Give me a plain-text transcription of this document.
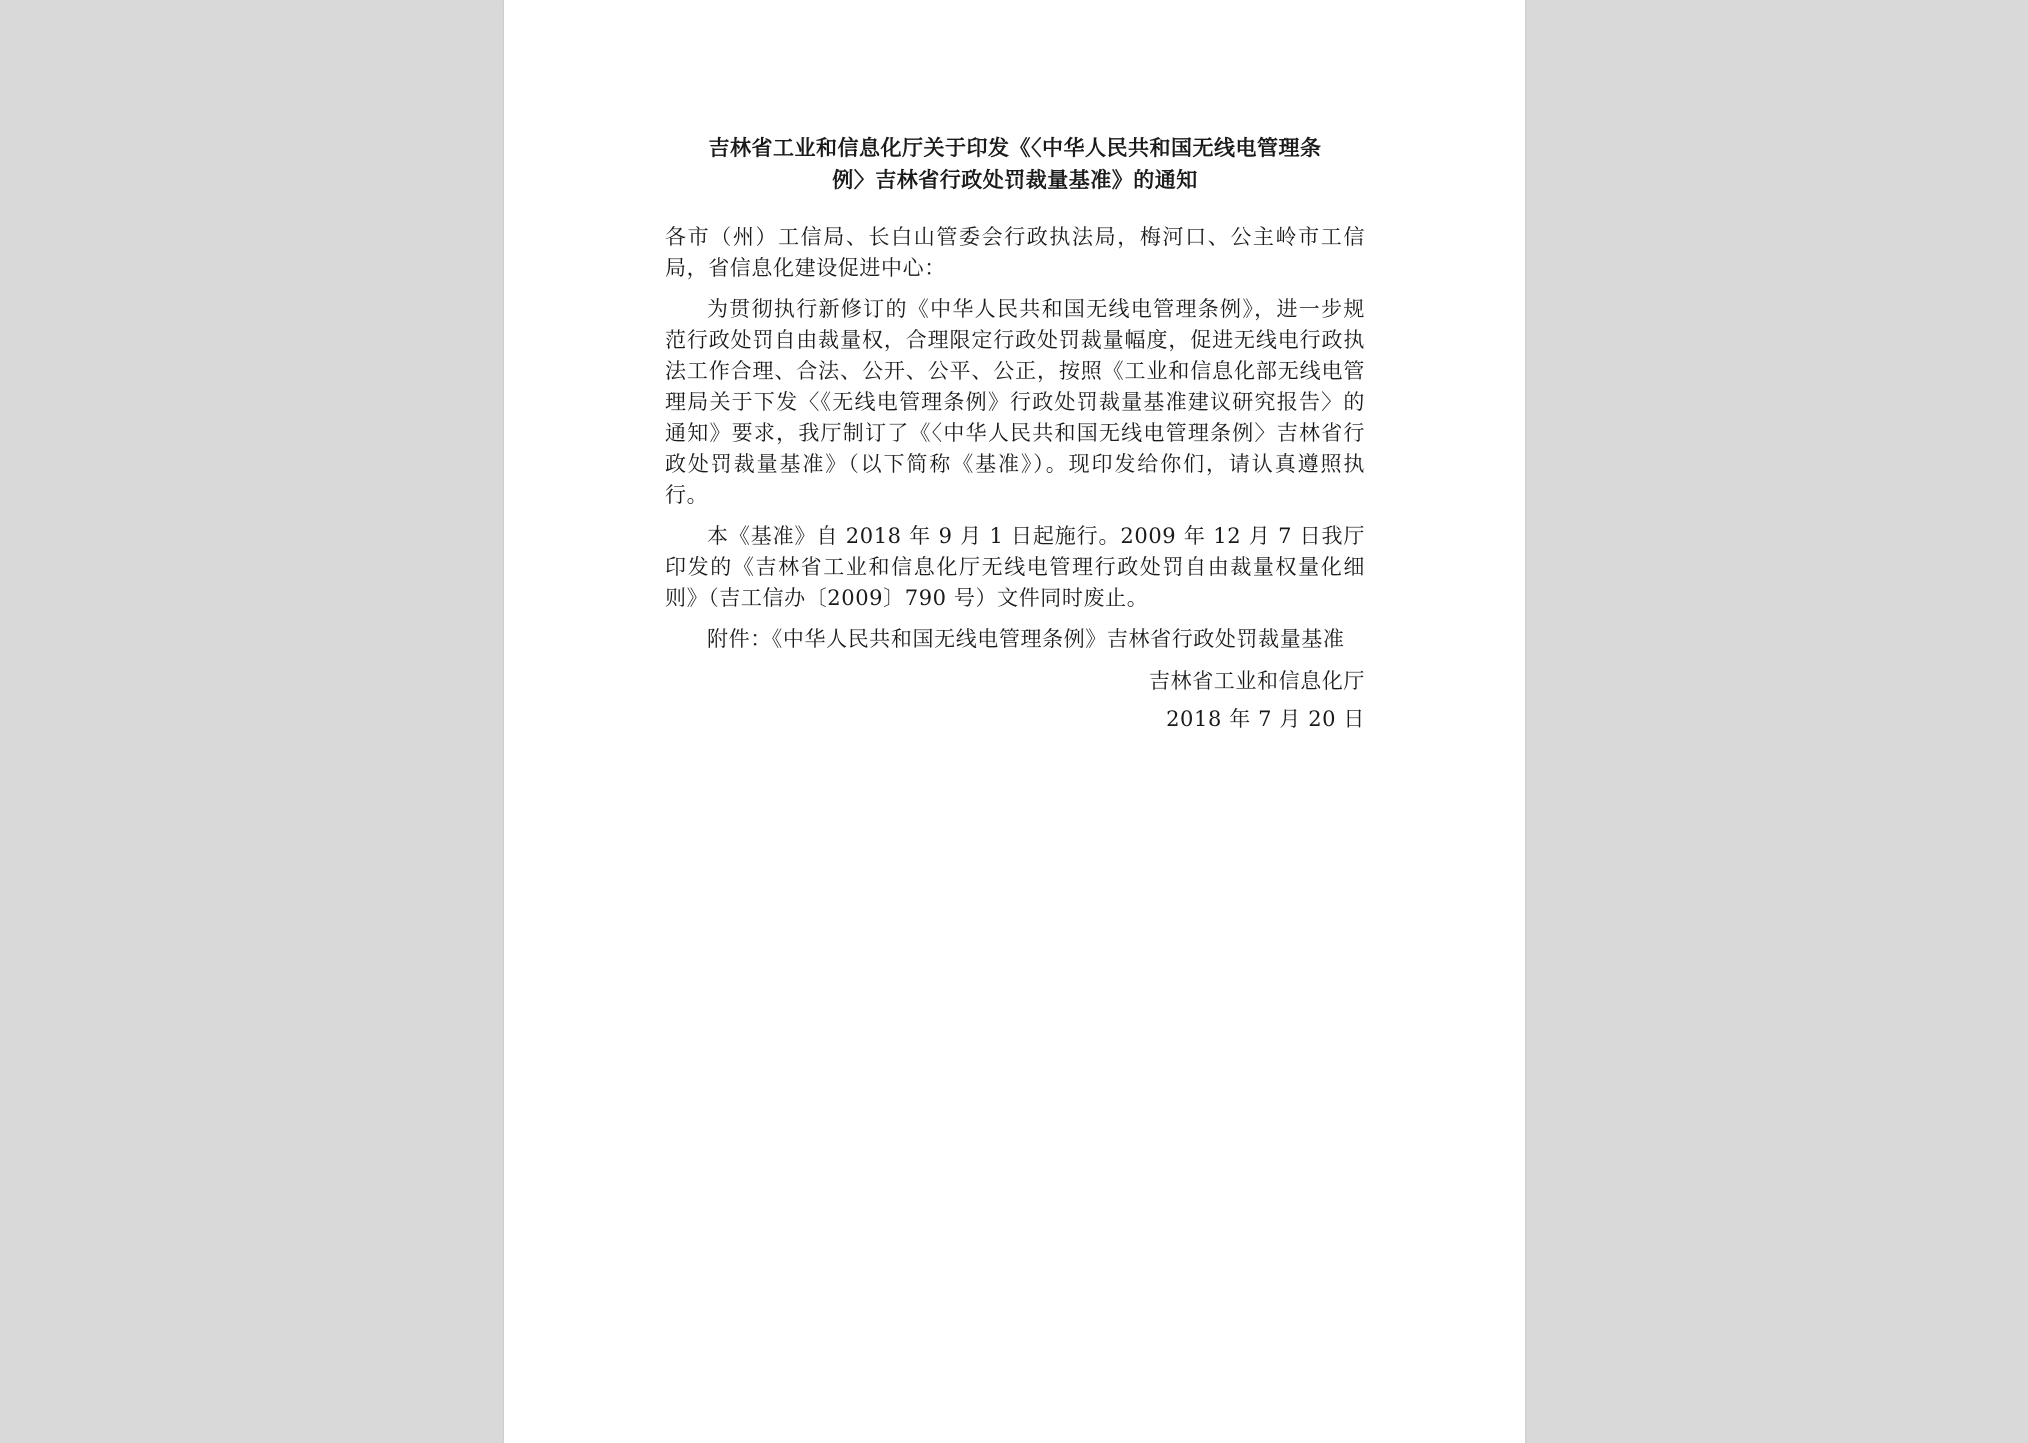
吉林省工业和信息化厅关于印发《〈中华人民共和国无线电管理条
例〉吉林省行政处罚裁量基准》的通知

各市（州）工信局、长白山管委会行政执法局，梅河口、公主岭市工信局，省信息化建设促进中心：

为贯彻执行新修订的《中华人民共和国无线电管理条例》，进一步规范行政处罚自由裁量权，合理限定行政处罚裁量幅度，促进无线电行政执法工作合理、合法、公开、公平、公正，按照《工业和信息化部无线电管理局关于下发〈《无线电管理条例》行政处罚裁量基准建议研究报告〉的通知》要求，我厅制订了《〈中华人民共和国无线电管理条例〉吉林省行政处罚裁量基准》（以下简称《基准》）。现印发给你们，请认真遵照执行。

本《基准》自 2018 年 9 月 1 日起施行。2009 年 12 月 7 日我厅印发的《吉林省工业和信息化厅无线电管理行政处罚自由裁量权量化细则》（吉工信办〔2009〕790 号）文件同时废止。

附件：《中华人民共和国无线电管理条例》吉林省行政处罚裁量基准

吉林省工业和信息化厅

2018 年 7 月 20 日
